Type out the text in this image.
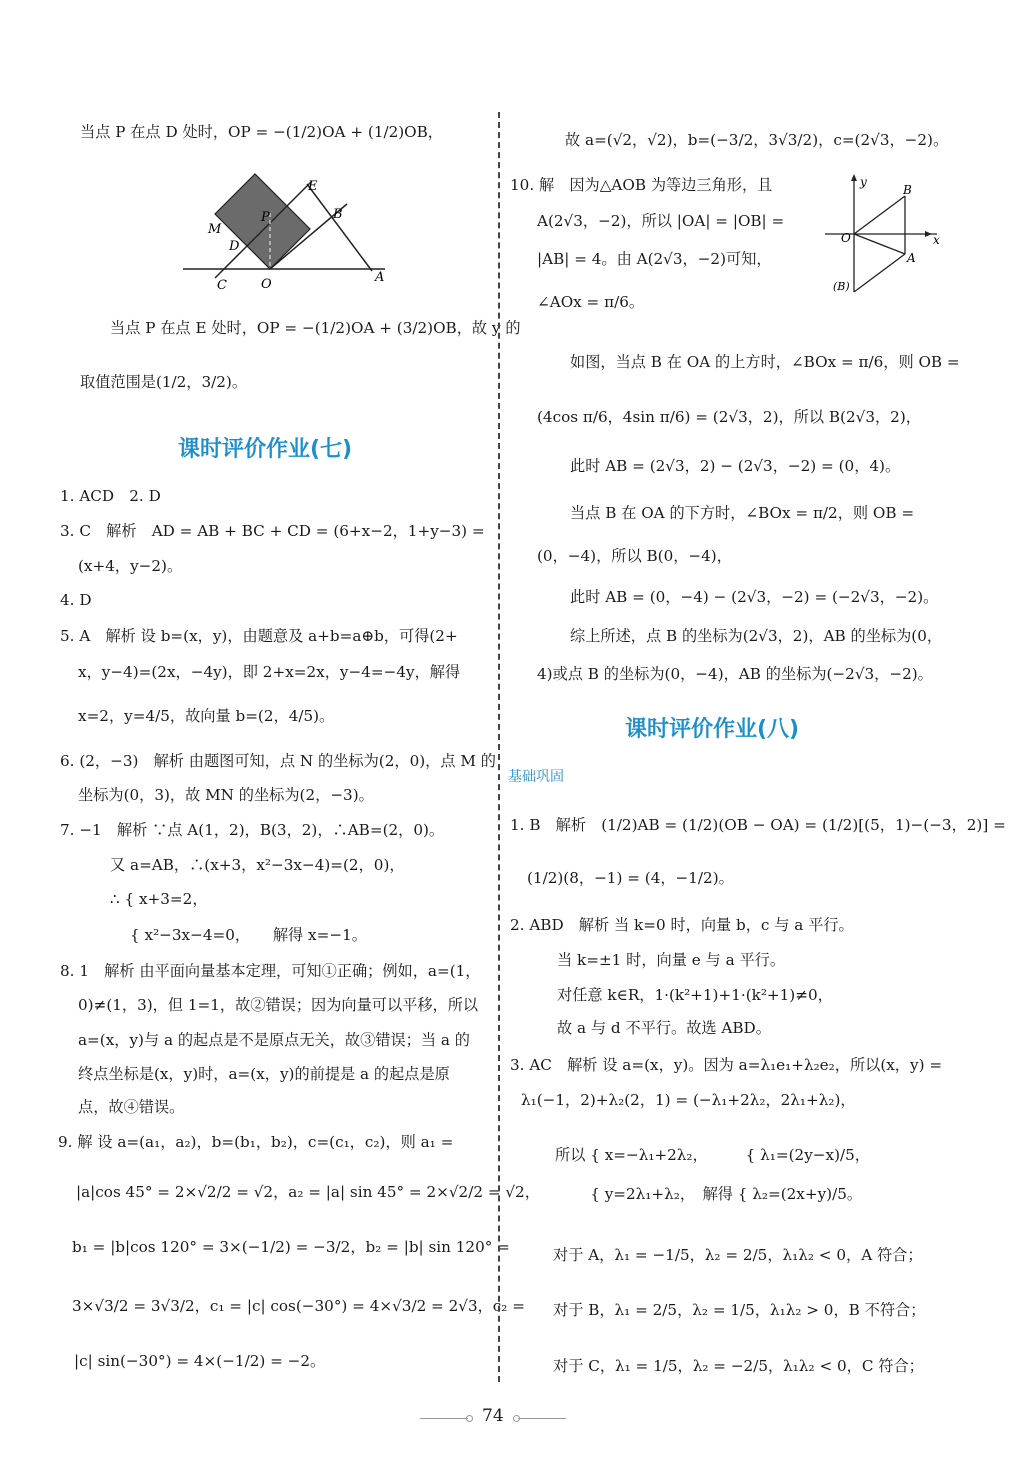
当点 P 在点 D 处时，OP = −(1/2)OA + (1/2)OB，
E
B
M
P
D
C	O	A
当点 P 在点 E 处时，OP = −(1/2)OA + (3/2)OB，故 y 的
取值范围是(1/2，3/2)。
课时评价作业(七)
1. ACD　2. D
3. C　解析　AD = AB + BC + CD = (6+x−2，1+y−3) =
(x+4，y−2)。
4. D
5. A　解析 设 b=(x，y)，由题意及 a+b=a⊕b，可得(2+
x，y−4)=(2x，−4y)，即 2+x=2x，y−4=−4y，解得
x=2，y=4/5，故向量 b=(2，4/5)。
6. (2，−3)　解析 由题图可知，点 N 的坐标为(2，0)，点 M 的
坐标为(0，3)，故 MN 的坐标为(2，−3)。
7. −1　解析 ∵点 A(1，2)，B(3，2)，∴AB=(2，0)。
又 a=AB，∴(x+3，x²−3x−4)=(2，0)，
∴ { x+3=2，
　 { x²−3x−4=0，　　解得 x=−1。
8. 1　解析 由平面向量基本定理，可知①正确；例如，a=(1，
0)≠(1，3)，但 1=1，故②错误；因为向量可以平移，所以
a=(x，y)与 a 的起点是不是原点无关，故③错误；当 a 的
终点坐标是(x，y)时，a=(x，y)的前提是 a 的起点是原
点，故④错误。
9. 解 设 a=(a₁，a₂)，b=(b₁，b₂)，c=(c₁，c₂)，则 a₁ =
|a|cos 45° = 2×√2/2 = √2，a₂ = |a| sin 45° = 2×√2/2 = √2，
b₁ = |b|cos 120° = 3×(−1/2) = −3/2，b₂ = |b| sin 120° =
3×√3/2 = 3√3/2，c₁ = |c| cos(−30°) = 4×√3/2 = 2√3，c₂ =
|c| sin(−30°) = 4×(−1/2) = −2。
故 a=(√2，√2)，b=(−3/2，3√3/2)，c=(2√3，−2)。
10. 解　因为△AOB 为等边三角形，且
A(2√3，−2)，所以 |OA| = |OB| =
|AB| = 4。由 A(2√3，−2)可知，
∠AOx = π/6。
y
B
O	x
A
(B)
如图，当点 B 在 OA 的上方时，∠BOx = π/6，则 OB =
(4cos π/6，4sin π/6) = (2√3，2)，所以 B(2√3，2)，
此时 AB = (2√3，2) − (2√3，−2) = (0，4)。
当点 B 在 OA 的下方时，∠BOx = π/2，则 OB =
(0，−4)，所以 B(0，−4)，
此时 AB = (0，−4) − (2√3，−2) = (−2√3，−2)。
综上所述，点 B 的坐标为(2√3，2)，AB 的坐标为(0，
4)或点 B 的坐标为(0，−4)，AB 的坐标为(−2√3，−2)。
课时评价作业(八)
基础巩固
1. B　解析　(1/2)AB = (1/2)(OB − OA) = (1/2)[(5，1)−(−3，2)] =
(1/2)(8，−1) = (4，−1/2)。
2. ABD　解析 当 k=0 时，向量 b，c 与 a 平行。
当 k=±1 时，向量 e 与 a 平行。
对任意 k∈R，1·(k²+1)+1·(k²+1)≠0，
故 a 与 d 不平行。故选 ABD。
3. AC　解析 设 a=(x，y)。因为 a=λ₁e₁+λ₂e₂，所以(x，y) =
λ₁(−1，2)+λ₂(2，1) = (−λ₁+2λ₂，2λ₁+λ₂)，
所以 { x=−λ₁+2λ₂，　　　{ λ₁=(2y−x)/5，
　　 { y=2λ₁+λ₂，　解得 { λ₂=(2x+y)/5。
对于 A，λ₁ = −1/5，λ₂ = 2/5，λ₁λ₂ < 0，A 符合；
对于 B，λ₁ = 2/5，λ₂ = 1/5，λ₁λ₂ > 0，B 不符合；
对于 C，λ₁ = 1/5，λ₂ = −2/5，λ₁λ₂ < 0，C 符合；
74
